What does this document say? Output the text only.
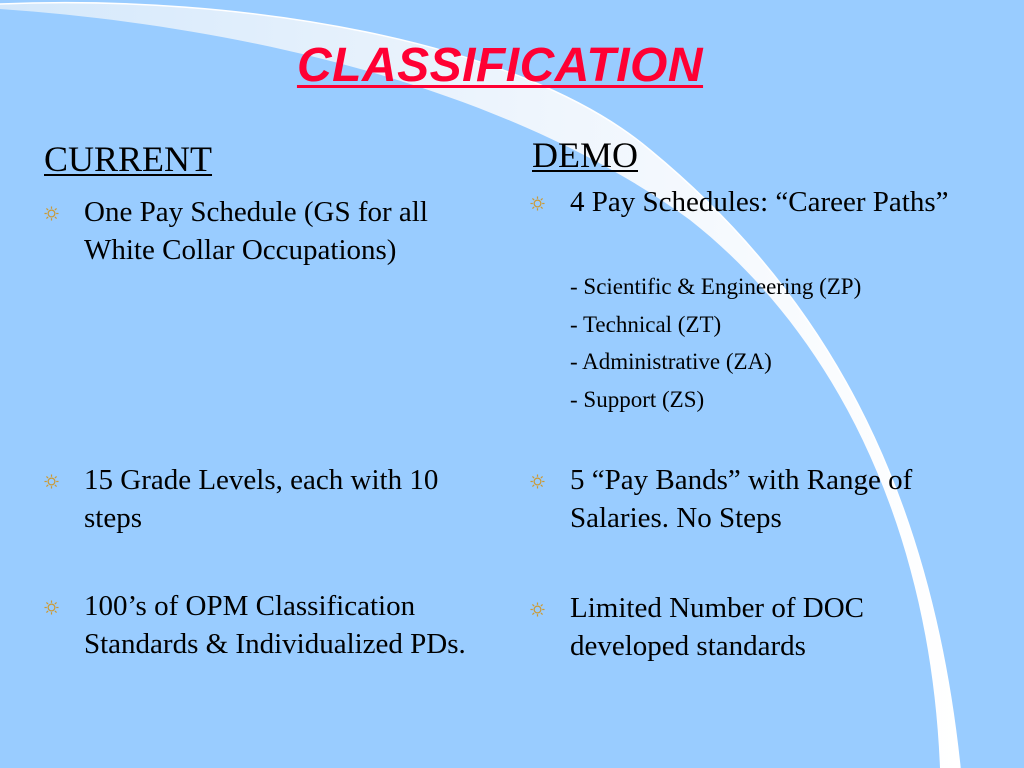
CLASSIFICATION
CURRENT
One Pay Schedule (GS for all White Collar Occupations)
15 Grade Levels, each with 10 steps
100’s of OPM Classification Standards & Individualized PDs.
DEMO
4 Pay Schedules: “Career Paths”
- Scientific & Engineering (ZP)
- Technical (ZT)
- Administrative (ZA)
- Support (ZS)
5 “Pay Bands” with Range of Salaries. No Steps
Limited Number of DOC developed standards
